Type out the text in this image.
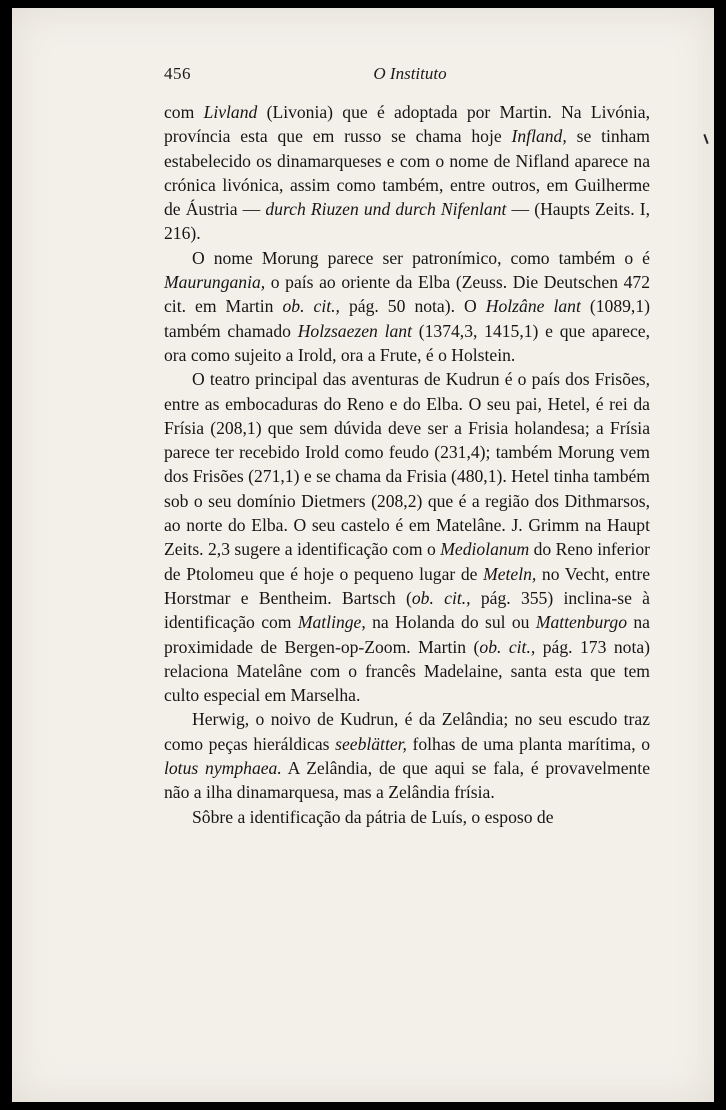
456	O Instituto

com Livland (Livonia) que é adoptada por Martin. Na Livónia, província esta que em russo se chama hoje Infland, se tinham estabelecido os dinamarqueses e com o nome de Nifland aparece na crónica livónica, assim como também, entre outros, em Guilherme de Áustria — durch Riuzen und durch Nifenlant — (Haupts Zeits. I, 216).

O nome Morung parece ser patronímico, como também o é Maurungania, o país ao oriente da Elba (Zeuss. Die Deutschen 472 cit. em Martin ob. cit., pág. 50 nota). O Holzâne lant (1089,1) também chamado Holzsaezen lant (1374,3, 1415,1) e que aparece, ora como sujeito a Irold, ora a Frute, é o Holstein.

O teatro principal das aventuras de Kudrun é o país dos Frisões, entre as embocaduras do Reno e do Elba. O seu pai, Hetel, é rei da Frísia (208,1) que sem dúvida deve ser a Frisia holandesa; a Frísia parece ter recebido Irold como feudo (231,4); também Morung vem dos Frisões (271,1) e se chama da Frisia (480,1). Hetel tinha também sob o seu domínio Dietmers (208,2) que é a região dos Dithmarsos, ao norte do Elba. O seu castelo é em Matelâne. J. Grimm na Haupt Zeits. 2,3 sugere a identificação com o Mediolanum do Reno inferior de Ptolomeu que é hoje o pequeno lugar de Meteln, no Vecht, entre Horstmar e Bentheim. Bartsch (ob. cit., pág. 355) inclina-se à identificação com Matlinge, na Holanda do sul ou Mattenburgo na proximidade de Bergen-op-Zoom. Martin (ob. cit., pág. 173 nota) relaciona Matelâne com o francês Madelaine, santa esta que tem culto especial em Marselha.

Herwig, o noivo de Kudrun, é da Zelândia; no seu escudo traz como peças hieráldicas seeblätter, folhas de uma planta marítima, o lotus nymphaea. A Zelândia, de que aqui se fala, é provavelmente não a ilha dinamarquesa, mas a Zelândia frísia.

Sôbre a identificação da pátria de Luís, o esposo de
